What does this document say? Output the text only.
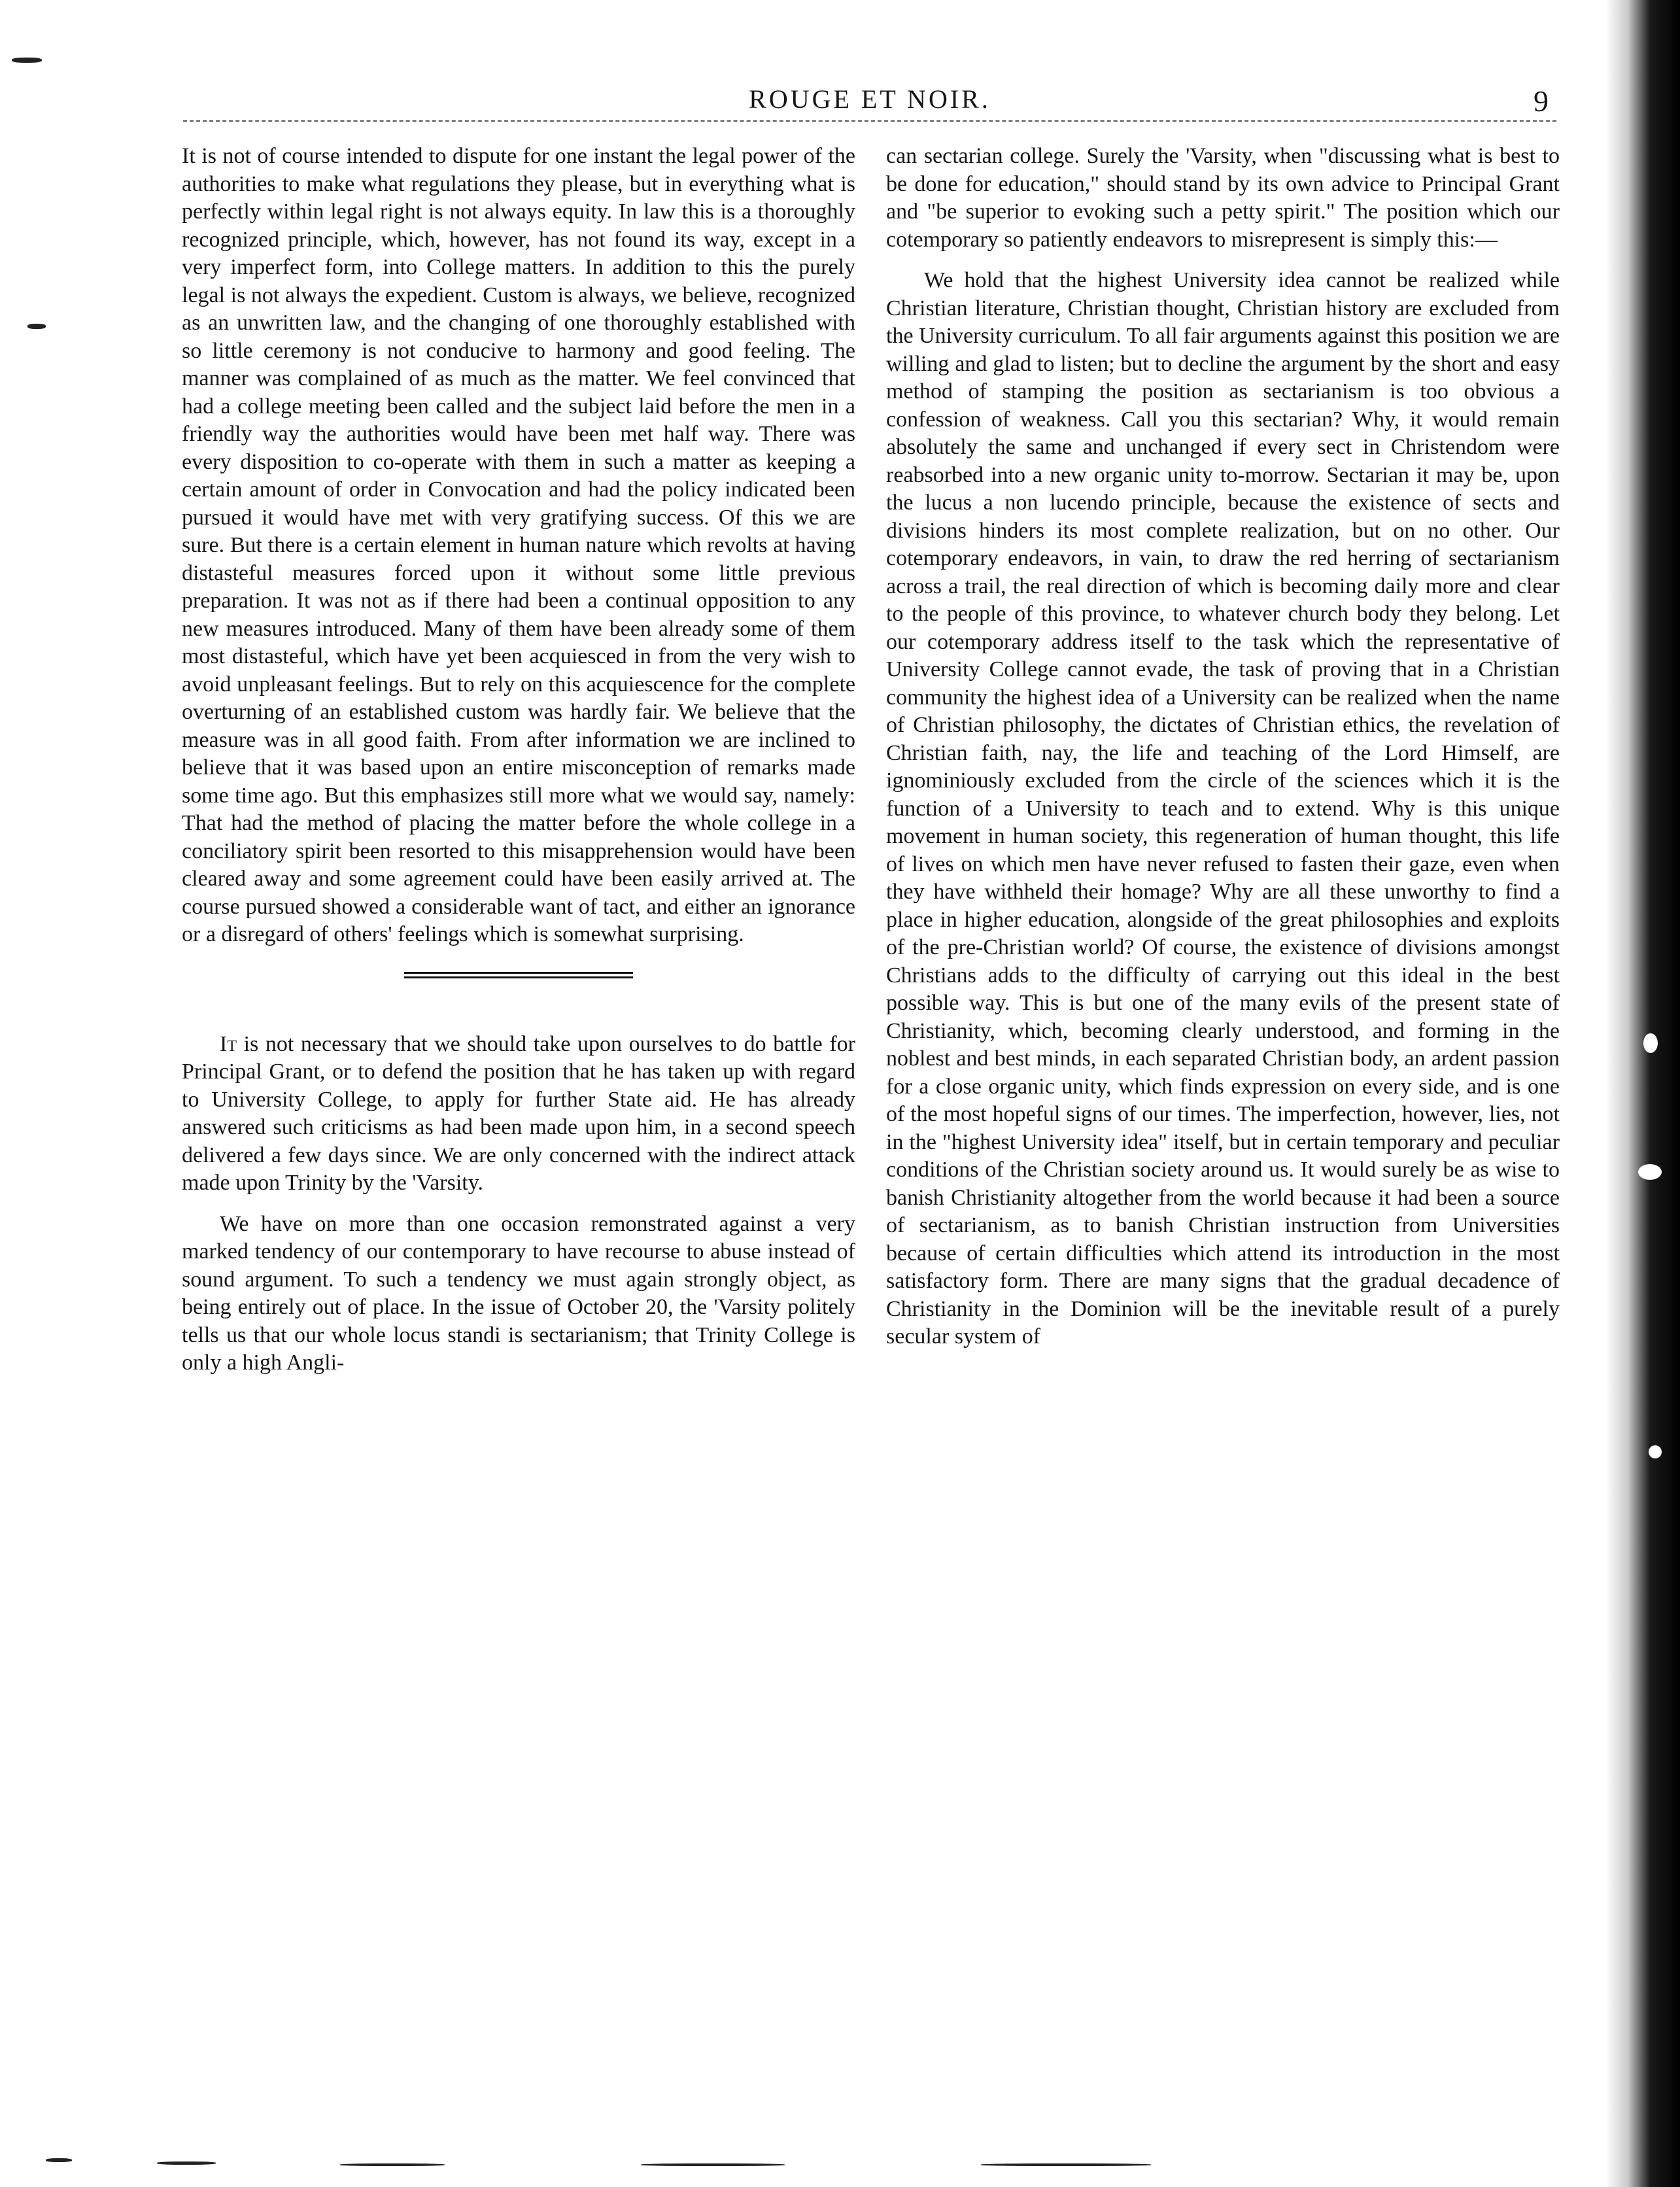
ROUGE ET NOIR.	9

It is not of course intended to dispute for one instant the legal power of the authorities to make what regulations they please, but in everything what is perfectly within legal right is not always equity. In law this is a thoroughly recognized principle, which, however, has not found its way, except in a very imperfect form, into College matters. In addition to this the purely legal is not always the expedient. Custom is always, we believe, recognized as an unwritten law, and the changing of one thoroughly established with so little ceremony is not conducive to harmony and good feeling. The manner was complained of as much as the matter. We feel convinced that had a college meeting been called and the subject laid before the men in a friendly way the authorities would have been met half way. There was every disposition to co-operate with them in such a matter as keeping a certain amount of order in Convocation and had the policy indicated been pursued it would have met with very gratifying success. Of this we are sure. But there is a certain element in human nature which revolts at having distasteful measures forced upon it without some little previous preparation. It was not as if there had been a continual opposition to any new measures introduced. Many of them have been already some of them most distasteful, which have yet been acquiesced in from the very wish to avoid unpleasant feelings. But to rely on this acquiescence for the complete overturning of an established custom was hardly fair. We believe that the measure was in all good faith. From after information we are inclined to believe that it was based upon an entire misconception of remarks made some time ago. But this emphasizes still more what we would say, namely: That had the method of placing the matter before the whole college in a conciliatory spirit been resorted to this misapprehension would have been cleared away and some agreement could have been easily arrived at. The course pursued showed a considerable want of tact, and either an ignorance or a disregard of others' feelings which is somewhat surprising.

It is not necessary that we should take upon ourselves to do battle for Principal Grant, or to defend the position that he has taken up with regard to University College, to apply for further State aid. He has already answered such criticisms as had been made upon him, in a second speech delivered a few days since. We are only concerned with the indirect attack made upon Trinity by the 'Varsity.

We have on more than one occasion remonstrated against a very marked tendency of our contemporary to have recourse to abuse instead of sound argument. To such a tendency we must again strongly object, as being entirely out of place. In the issue of October 20, the 'Varsity politely tells us that our whole locus standi is sectarianism; that Trinity College is only a high Angli-

can sectarian college. Surely the 'Varsity, when "discussing what is best to be done for education," should stand by its own advice to Principal Grant and "be superior to evoking such a petty spirit." The position which our cotemporary so patiently endeavors to misrepresent is simply this:—

We hold that the highest University idea cannot be realized while Christian literature, Christian thought, Christian history are excluded from the University curriculum. To all fair arguments against this position we are willing and glad to listen; but to decline the argument by the short and easy method of stamping the position as sectarianism is too obvious a confession of weakness. Call you this sectarian? Why, it would remain absolutely the same and unchanged if every sect in Christendom were reabsorbed into a new organic unity to-morrow. Sectarian it may be, upon the lucus a non lucendo principle, because the existence of sects and divisions hinders its most complete realization, but on no other. Our cotemporary endeavors, in vain, to draw the red herring of sectarianism across a trail, the real direction of which is becoming daily more and clear to the people of this province, to whatever church body they belong. Let our cotemporary address itself to the task which the representative of University College cannot evade, the task of proving that in a Christian community the highest idea of a University can be realized when the name of Christian philosophy, the dictates of Christian ethics, the revelation of Christian faith, nay, the life and teaching of the Lord Himself, are ignominiously excluded from the circle of the sciences which it is the function of a University to teach and to extend. Why is this unique movement in human society, this regeneration of human thought, this life of lives on which men have never refused to fasten their gaze, even when they have withheld their homage? Why are all these unworthy to find a place in higher education, alongside of the great philosophies and exploits of the pre-Christian world? Of course, the existence of divisions amongst Christians adds to the difficulty of carrying out this ideal in the best possible way. This is but one of the many evils of the present state of Christianity, which, becoming clearly understood, and forming in the noblest and best minds, in each separated Christian body, an ardent passion for a close organic unity, which finds expression on every side, and is one of the most hopeful signs of our times. The imperfection, however, lies, not in the "highest University idea" itself, but in certain temporary and peculiar conditions of the Christian society around us. It would surely be as wise to banish Christianity altogether from the world because it had been a source of sectarianism, as to banish Christian instruction from Universities because of certain difficulties which attend its introduction in the most satisfactory form. There are many signs that the gradual decadence of Christianity in the Dominion will be the inevitable result of a purely secular system of
